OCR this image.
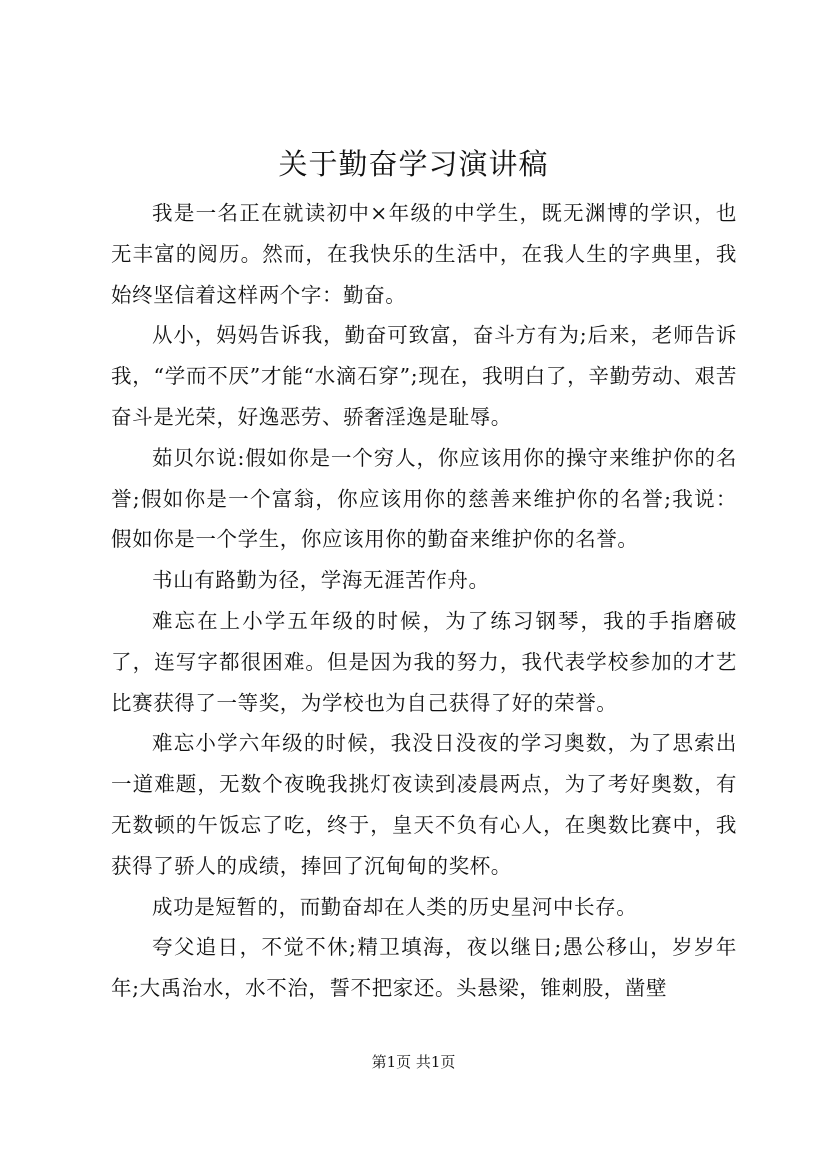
关于勤奋学习演讲稿

我是一名正在就读初中×年级的中学生，既无渊博的学识，也无丰富的阅历。然而，在我快乐的生活中，在我人生的字典里，我始终坚信着这样两个字：勤奋。

从小，妈妈告诉我，勤奋可致富，奋斗方有为;后来，老师告诉我，“学而不厌”才能“水滴石穿”;现在，我明白了，辛勤劳动、艰苦奋斗是光荣，好逸恶劳、骄奢淫逸是耻辱。

茹贝尔说:假如你是一个穷人，你应该用你的操守来维护你的名誉;假如你是一个富翁，你应该用你的慈善来维护你的名誉;我说：假如你是一个学生，你应该用你的勤奋来维护你的名誉。

书山有路勤为径，学海无涯苦作舟。

难忘在上小学五年级的时候，为了练习钢琴，我的手指磨破了，连写字都很困难。但是因为我的努力，我代表学校参加的才艺比赛获得了一等奖，为学校也为自己获得了好的荣誉。

难忘小学六年级的时候，我没日没夜的学习奥数，为了思索出一道难题，无数个夜晚我挑灯夜读到凌晨两点，为了考好奥数，有无数顿的午饭忘了吃，终于，皇天不负有心人，在奥数比赛中，我获得了骄人的成绩，捧回了沉甸甸的奖杯。

成功是短暂的，而勤奋却在人类的历史星河中长存。

夸父追日，不觉不休;精卫填海，夜以继日;愚公移山，岁岁年年;大禹治水，水不治，誓不把家还。头悬梁，锥刺股，凿壁

第1页 共1页
